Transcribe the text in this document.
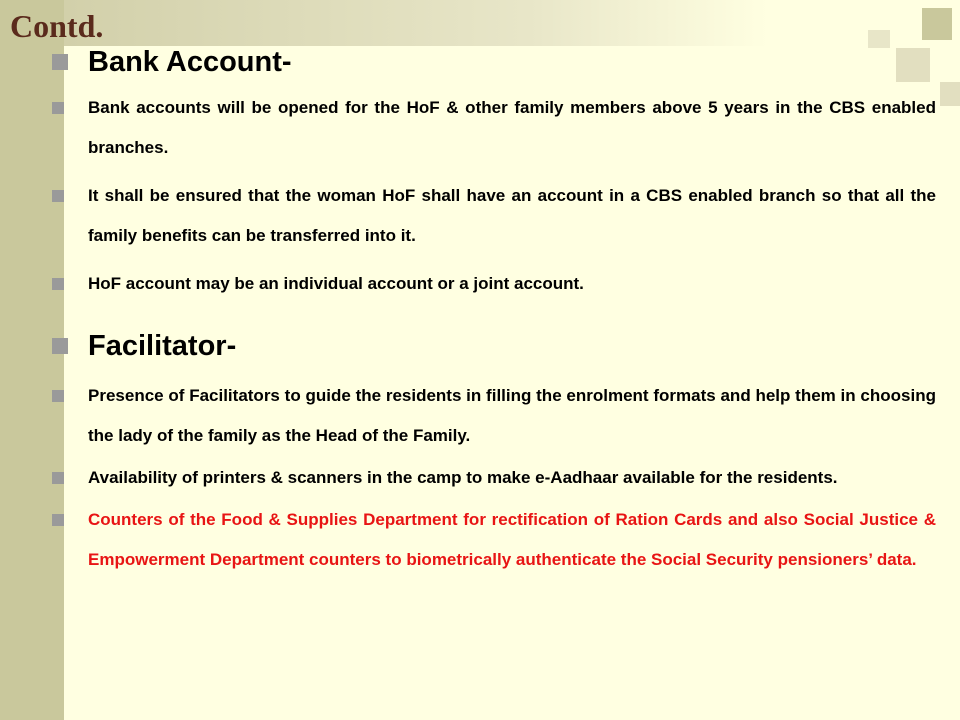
Contd.
Bank Account-
Bank accounts will be opened for the HoF & other family members above 5 years in the CBS enabled branches.
It shall be ensured that the woman HoF shall have an account in a CBS enabled branch so that all the family benefits can be transferred into it.
HoF account may be an individual account or a joint account.
Facilitator-
Presence of Facilitators to guide the residents in filling the enrolment formats and help them in choosing the lady of the family as the Head of the Family.
Availability of printers & scanners in the camp to make e-Aadhaar available for the residents.
Counters of the Food & Supplies Department for rectification of Ration Cards and also Social Justice & Empowerment Department counters to biometrically authenticate the Social Security pensioners’ data.
